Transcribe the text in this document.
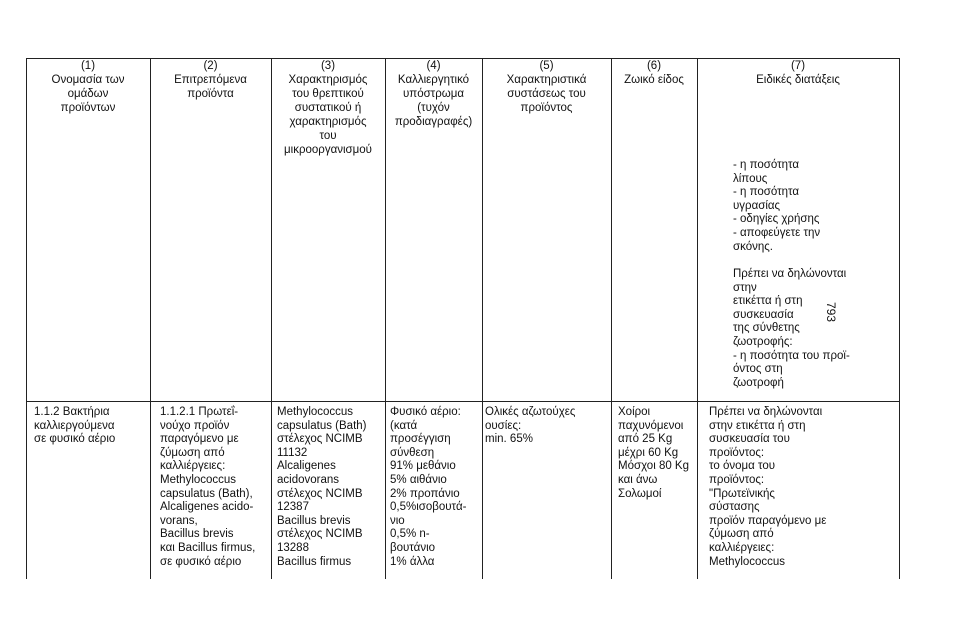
(1)
Ονομασία των
ομάδων
προϊόντων
(2)
Επιτρεπόμενα
προϊόντα
(3)
Χαρακτηρισμός
του θρεπτικού
συστατικού ή
χαρακτηρισμός
του
μικροοργανισμού
(4)
Καλλιεργητικό
υπόστρωμα
(τυχόν
προδιαγραφές)
(5)
Χαρακτηριστικά
συστάσεως του
προϊόντος
(6)
Ζωικό είδος
(7)
Ειδικές διατάξεις
- η ποσότητα
λίπους
- η ποσότητα
υγρασίας
- οδηγίες χρήσης
- αποφεύγετε την
σκόνης.
Πρέπει να δηλώνονται
στην
ετικέττα ή στη
συσκευασία
της σύνθετης
ζωοτροφής:
- η ποσότητα του προϊ-
όντος στη
ζωοτροφή
1.1.2 Βακτήρια
καλλιεργούμενα
σε φυσικό αέριο
1.1.2.1 Πρωτεΐ-
νούχο προϊόν
παραγόμενο με
ζύμωση από
καλλιέργειες:
Methylococcus
capsulatus (Bath),
Alcaligenes acido-
vorans,
Bacillus brevis
και Bacillus firmus,
σε φυσικό αέριο
Methylococcus
capsulatus (Bath)
στέλεχος NCIMB
11132
Alcaligenes
acidovorans
στέλεχος NCIMB
12387
Bacillus brevis
στέλεχος NCIMB
13288
Bacillus firmus
Φυσικό αέριο:
(κατά
προσέγγιση
σύνθεση
91% μεθάνιο
5% αιθάνιο
2% προπάνιο
0,5%ισοβουτά-
νιο
0,5% n-
βουτάνιο
1% άλλα
Ολικές αζωτούχες
ουσίες:
min. 65%
Χοίροι
παχυνόμενοι
από 25 Kg
μέχρι 60 Kg
Μόσχοι 80 Kg
και άνω
Σολωμοί
Πρέπει να δηλώνονται
στην ετικέττα ή στη
συσκευασία του
προϊόντος:
το όνομα του
προϊόντος:
"Πρωτεϊνικής
σύστασης
προϊόν παραγόμενο με
ζύμωση από
καλλιέργειες:
Methylococcus
793
